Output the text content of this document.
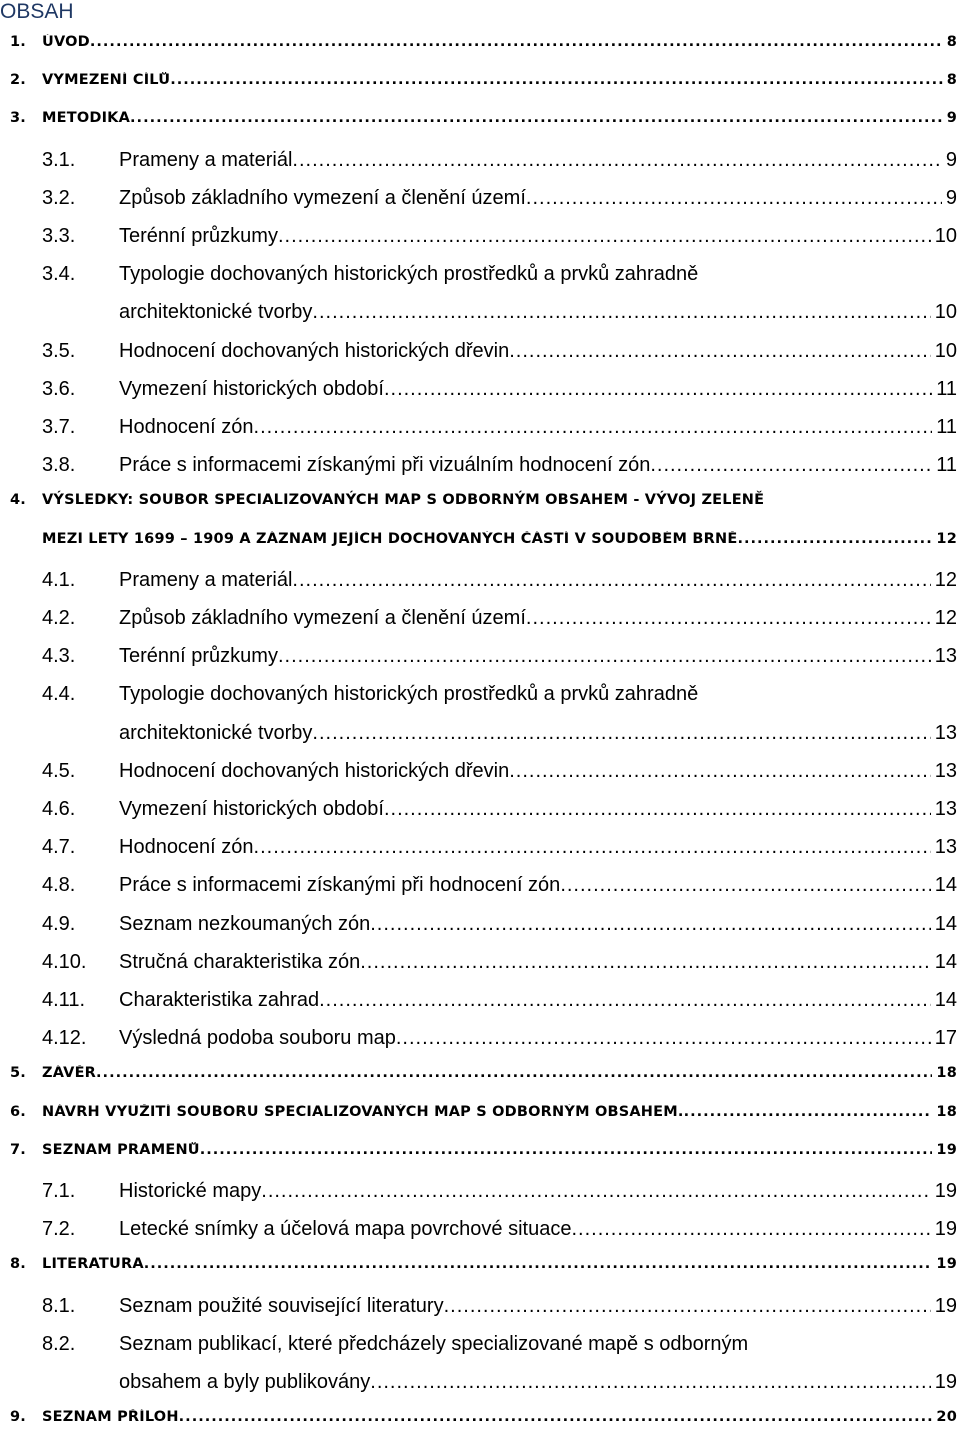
OBSAH
1.	ÚVOD .....	8
2.	VYMEZENÍ CÍLŮ .....	8
3.	METODIKA .....	9
3.1.	Prameny a materiál .....	9
3.2.	Způsob základního vymezení a členění území .....	9
3.3.	Terénní průzkumy .....	10
3.4.	Typologie dochovaných historických prostředků a prvků zahradně
architektonické tvorby .....	10
3.5.	Hodnocení dochovaných historických dřevin .....	10
3.6.	Vymezení historických období .....	11
3.7.	Hodnocení zón .....	11
3.8.	Práce s informacemi získanými při vizuálním hodnocení zón .....	11
4.	VÝSLEDKY: SOUBOR SPECIALIZOVANÝCH MAP S ODBORNÝM OBSAHEM - VÝVOJ ZELENĚ
MEZI LETY 1699 – 1909 A ZÁZNAM JEJÍCH DOCHOVANÝCH ČÁSTÍ V SOUDOBÉM BRNĚ .....	12
4.1.	Prameny a materiál .....	12
4.2.	Způsob základního vymezení a členění území .....	12
4.3.	Terénní průzkumy .....	13
4.4.	Typologie dochovaných historických prostředků a prvků zahradně
architektonické tvorby .....	13
4.5.	Hodnocení dochovaných historických dřevin .....	13
4.6.	Vymezení historických období .....	13
4.7.	Hodnocení zón .....	13
4.8.	Práce s informacemi získanými při hodnocení zón .....	14
4.9.	Seznam nezkoumaných zón .....	14
4.10.	Stručná charakteristika zón .....	14
4.11.	Charakteristika zahrad .....	14
4.12.	Výsledná podoba souboru map .....	17
5.	ZÁVĚR .....	18
6.	NÁVRH VYUŽITÍ SOUBORU SPECIALIZOVANÝCH MAP S ODBORNÝM OBSAHEM. .....	18
7.	SEZNAM PRAMENŮ .....	19
7.1.	Historické mapy .....	19
7.2.	Letecké snímky a účelová mapa povrchové situace .....	19
8.	LITERATURA .....	19
8.1.	Seznam použité související literatury .....	19
8.2.	Seznam publikací, které předcházely specializované mapě s odborným
obsahem a byly publikovány .....	19
9.	SEZNAM PŘÍLOH .....	20
